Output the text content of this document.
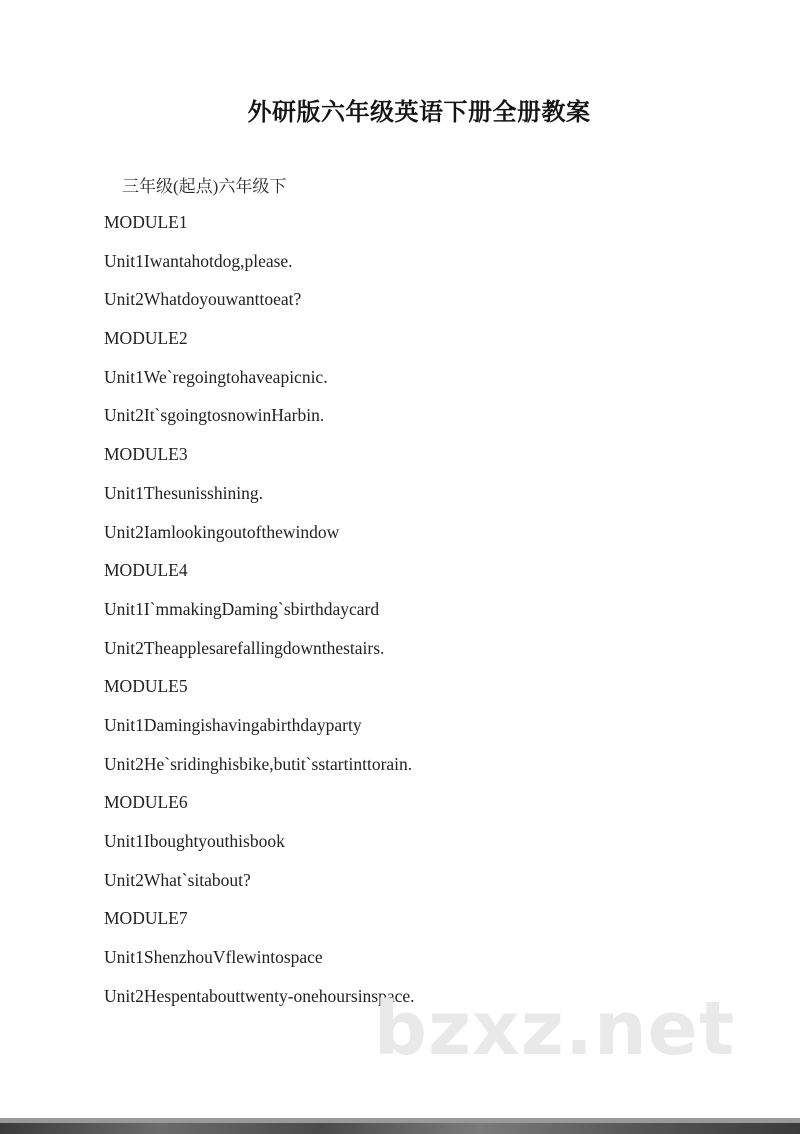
外研版六年级英语下册全册教案
三年级(起点)六年级下
MODULE1
Unit1Iwantahotdog,please.
Unit2Whatdoyouwanttoeat?
MODULE2
Unit1We`regoingtohaveapicnic.
Unit2It`sgoingtosnowinHarbin.
MODULE3
Unit1Thesunisshining.
Unit2Iamlookingoutofthewindow
MODULE4
Unit1I`mmakingDaming`sbirthdaycard
Unit2Theapplesarefallingdownthestairs.
MODULE5
Unit1Damingishavingabirthdayparty
Unit2He`sridinghisbike,butit`sstartinttorain.
MODULE6
Unit1Iboughtyouthisbook
Unit2What`sitabout?
MODULE7
Unit1ShenzhouVflewintospace
Unit2Hespentabouttwenty-onehoursinspace.
bzxz.net
